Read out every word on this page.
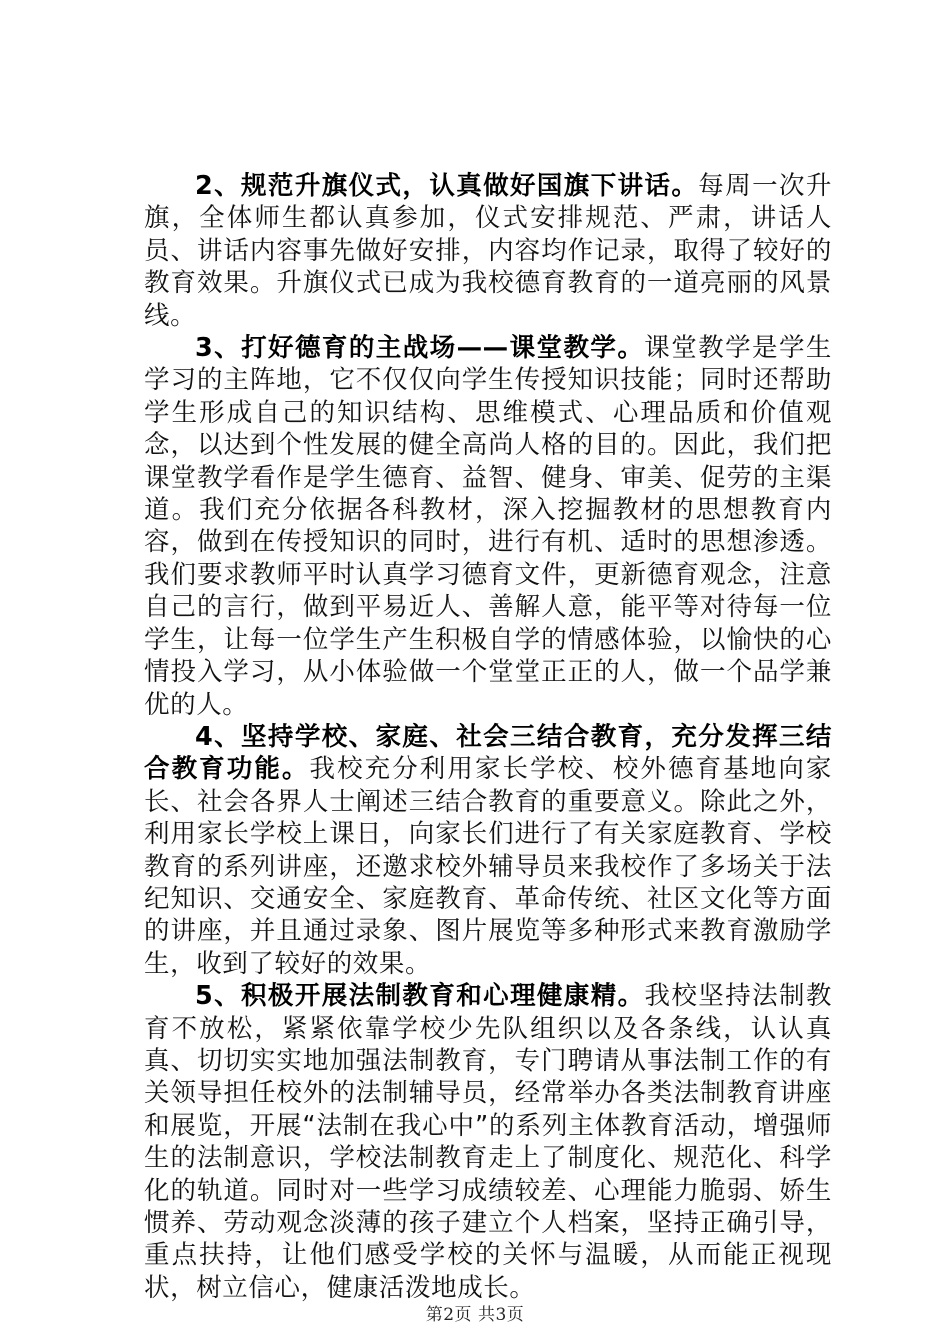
2、规范升旗仪式，认真做好国旗下讲话。每周一次升旗，全体师生都认真参加，仪式安排规范、严肃，讲话人员、讲话内容事先做好安排，内容均作记录，取得了较好的教育效果。升旗仪式已成为我校德育教育的一道亮丽的风景线。

3、打好德育的主战场——课堂教学。课堂教学是学生学习的主阵地，它不仅仅向学生传授知识技能；同时还帮助学生形成自己的知识结构、思维模式、心理品质和价值观念，以达到个性发展的健全高尚人格的目的。因此，我们把课堂教学看作是学生德育、益智、健身、审美、促劳的主渠道。我们充分依据各科教材，深入挖掘教材的思想教育内容，做到在传授知识的同时，进行有机、适时的思想渗透。我们要求教师平时认真学习德育文件，更新德育观念，注意自己的言行，做到平易近人、善解人意，能平等对待每一位学生，让每一位学生产生积极自学的情感体验，以愉快的心情投入学习，从小体验做一个堂堂正正的人，做一个品学兼优的人。

4、坚持学校、家庭、社会三结合教育，充分发挥三结合教育功能。我校充分利用家长学校、校外德育基地向家长、社会各界人士阐述三结合教育的重要意义。除此之外，利用家长学校上课日，向家长们进行了有关家庭教育、学校教育的系列讲座，还邀求校外辅导员来我校作了多场关于法纪知识、交通安全、家庭教育、革命传统、社区文化等方面的讲座，并且通过录象、图片展览等多种形式来教育激励学生，收到了较好的效果。

5、积极开展法制教育和心理健康精。我校坚持法制教育不放松，紧紧依靠学校少先队组织以及各条线，认认真真、切切实实地加强法制教育，专门聘请从事法制工作的有关领导担任校外的法制辅导员，经常举办各类法制教育讲座和展览，开展“法制在我心中”的系列主体教育活动，增强师生的法制意识，学校法制教育走上了制度化、规范化、科学化的轨道。同时对一些学习成绩较差、心理能力脆弱、娇生惯养、劳动观念淡薄的孩子建立个人档案，坚持正确引导，重点扶持，让他们感受学校的关怀与温暖，从而能正视现状，树立信心，健康活泼地成长。

第2页 共3页
